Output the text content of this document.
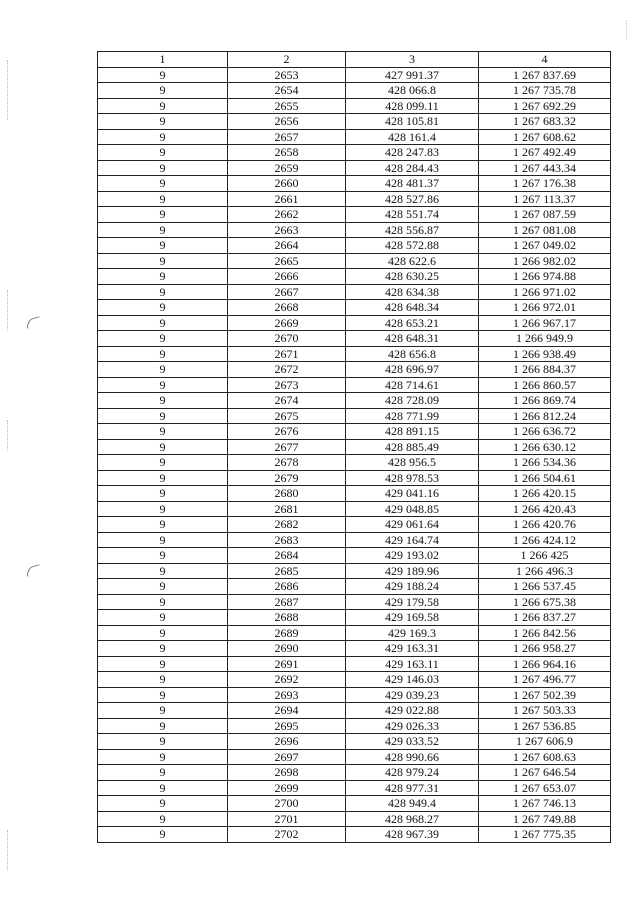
1	2	3	4
9	2653	427 991.37	1 267 837.69
9	2654	428 066.8	1 267 735.78
9	2655	428 099.11	1 267 692.29
9	2656	428 105.81	1 267 683.32
9	2657	428 161.4	1 267 608.62
9	2658	428 247.83	1 267 492.49
9	2659	428 284.43	1 267 443.34
9	2660	428 481.37	1 267 176.38
9	2661	428 527.86	1 267 113.37
9	2662	428 551.74	1 267 087.59
9	2663	428 556.87	1 267 081.08
9	2664	428 572.88	1 267 049.02
9	2665	428 622.6	1 266 982.02
9	2666	428 630.25	1 266 974.88
9	2667	428 634.38	1 266 971.02
9	2668	428 648.34	1 266 972.01
9	2669	428 653.21	1 266 967.17
9	2670	428 648.31	1 266 949.9
9	2671	428 656.8	1 266 938.49
9	2672	428 696.97	1 266 884.37
9	2673	428 714.61	1 266 860.57
9	2674	428 728.09	1 266 869.74
9	2675	428 771.99	1 266 812.24
9	2676	428 891.15	1 266 636.72
9	2677	428 885.49	1 266 630.12
9	2678	428 956.5	1 266 534.36
9	2679	428 978.53	1 266 504.61
9	2680	429 041.16	1 266 420.15
9	2681	429 048.85	1 266 420.43
9	2682	429 061.64	1 266 420.76
9	2683	429 164.74	1 266 424.12
9	2684	429 193.02	1 266 425
9	2685	429 189.96	1 266 496.3
9	2686	429 188.24	1 266 537.45
9	2687	429 179.58	1 266 675.38
9	2688	429 169.58	1 266 837.27
9	2689	429 169.3	1 266 842.56
9	2690	429 163.31	1 266 958.27
9	2691	429 163.11	1 266 964.16
9	2692	429 146.03	1 267 496.77
9	2693	429 039.23	1 267 502.39
9	2694	429 022.88	1 267 503.33
9	2695	429 026.33	1 267 536.85
9	2696	429 033.52	1 267 606.9
9	2697	428 990.66	1 267 608.63
9	2698	428 979.24	1 267 646.54
9	2699	428 977.31	1 267 653.07
9	2700	428 949.4	1 267 746.13
9	2701	428 968.27	1 267 749.88
9	2702	428 967.39	1 267 775.35
